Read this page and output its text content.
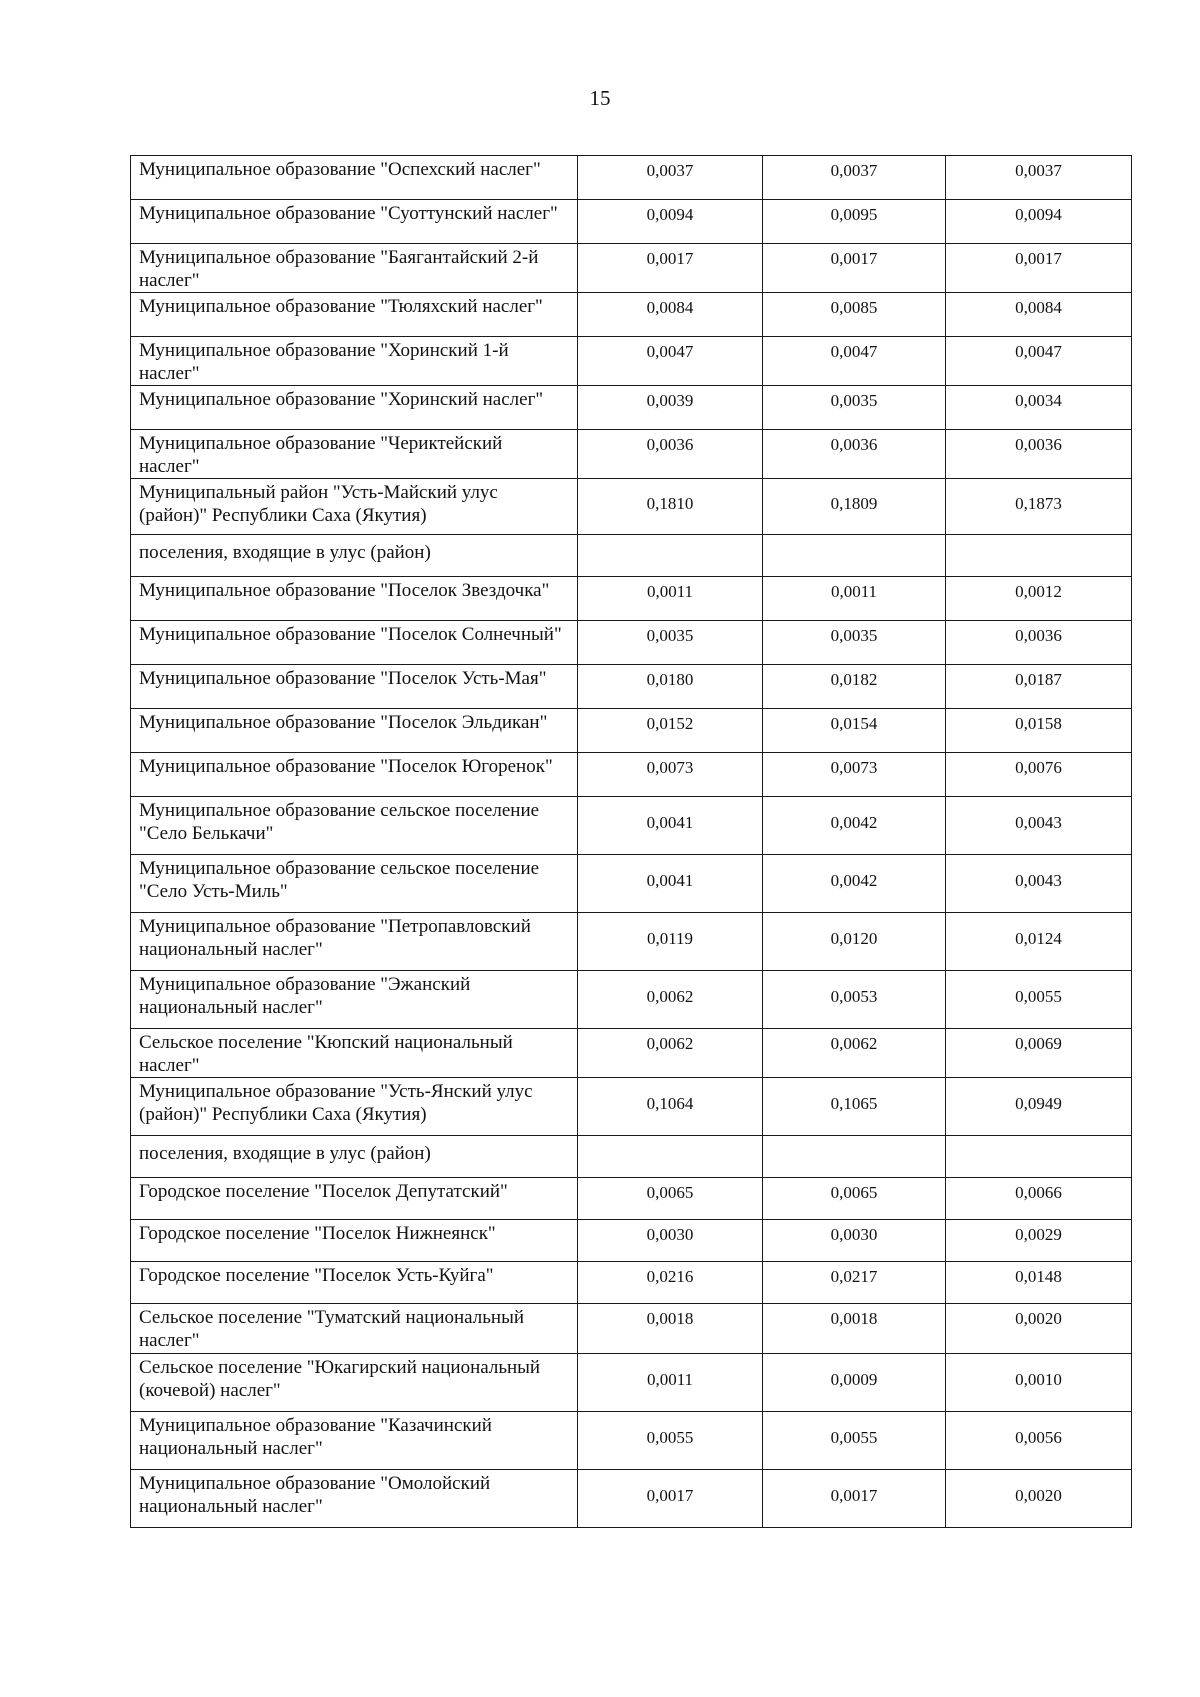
15
Муниципальное образование "Оспехский наслег"	0,0037	0,0037	0,0037
Муниципальное образование "Суоттунский наслег"	0,0094	0,0095	0,0094
Муниципальное образование "Баягантайский 2-й наслег"	0,0017	0,0017	0,0017
Муниципальное образование "Тюляхский наслег"	0,0084	0,0085	0,0084
Муниципальное образование "Хоринский 1-й наслег"	0,0047	0,0047	0,0047
Муниципальное образование "Хоринский наслег"	0,0039	0,0035	0,0034
Муниципальное образование "Чериктейский наслег"	0,0036	0,0036	0,0036
Муниципальный район "Усть-Майский улус (район)" Республики Саха (Якутия)	0,1810	0,1809	0,1873
поселения, входящие в улус (район)			
Муниципальное образование "Поселок Звездочка"	0,0011	0,0011	0,0012
Муниципальное образование "Поселок Солнечный"	0,0035	0,0035	0,0036
Муниципальное образование "Поселок Усть-Мая"	0,0180	0,0182	0,0187
Муниципальное образование "Поселок Эльдикан"	0,0152	0,0154	0,0158
Муниципальное образование "Поселок Югоренок"	0,0073	0,0073	0,0076
Муниципальное образование сельское поселение "Село Белькачи"	0,0041	0,0042	0,0043
Муниципальное образование сельское поселение "Село Усть-Миль"	0,0041	0,0042	0,0043
Муниципальное образование "Петропавловский национальный наслег"	0,0119	0,0120	0,0124
Муниципальное образование "Эжанский национальный наслег"	0,0062	0,0053	0,0055
Сельское поселение "Кюпский национальный наслег"	0,0062	0,0062	0,0069
Муниципальное образование "Усть-Янский улус (район)" Республики Саха (Якутия)	0,1064	0,1065	0,0949
поселения, входящие в улус (район)			
Городское поселение "Поселок Депутатский"	0,0065	0,0065	0,0066
Городское поселение "Поселок Нижнеянск"	0,0030	0,0030	0,0029
Городское поселение "Поселок Усть-Куйга"	0,0216	0,0217	0,0148
Сельское поселение "Туматский национальный наслег"	0,0018	0,0018	0,0020
Сельское поселение "Юкагирский национальный (кочевой) наслег"	0,0011	0,0009	0,0010
Муниципальное образование "Казачинский национальный наслег"	0,0055	0,0055	0,0056
Муниципальное образование "Омолойский национальный наслег"	0,0017	0,0017	0,0020
